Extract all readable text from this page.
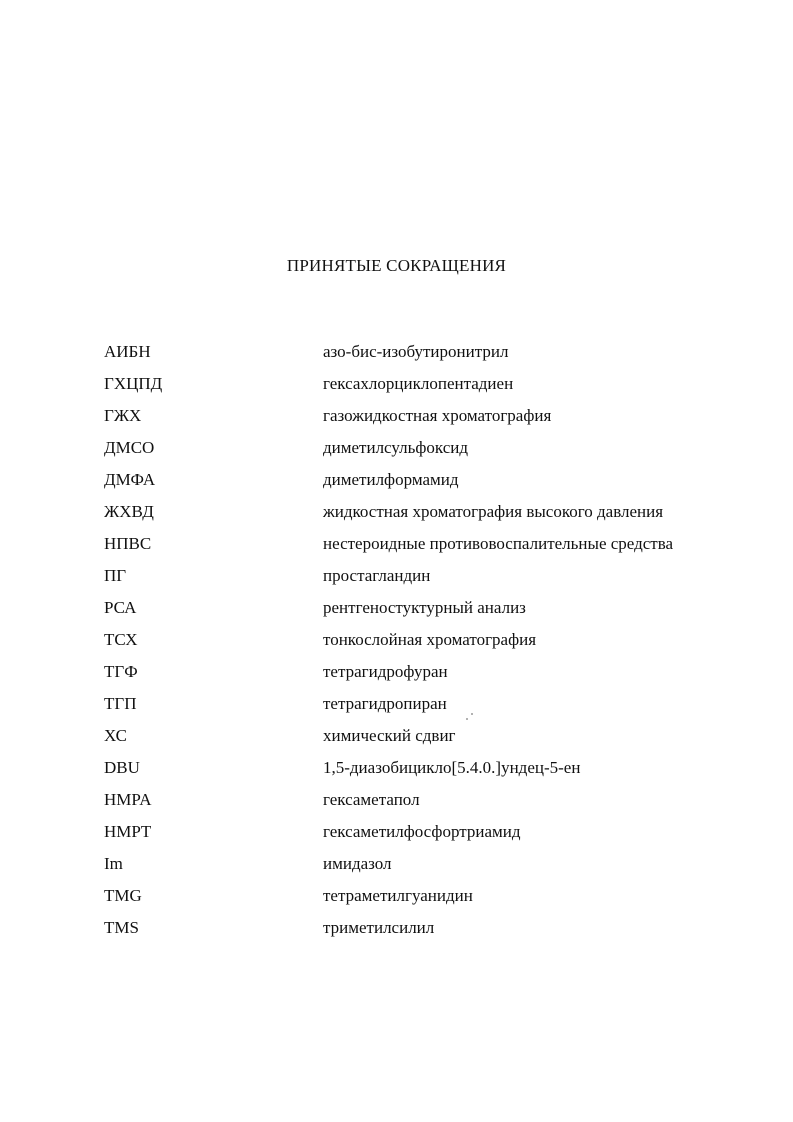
ПРИНЯТЫЕ СОКРАЩЕНИЯ
АИБН	азо-бис-изобутиронитрил
ГХЦПД	гексахлорциклопентадиен
ГЖХ	газожидкостная хроматография
ДМСО	диметилсульфоксид
ДМФА	диметилформамид
ЖХВД	жидкостная хроматография высокого давления
НПВС	нестероидные противовоспалительные средства
ПГ	простагландин
РСА	рентгеностуктурный анализ
ТСХ	тонкослойная хроматография
ТГФ	тетрагидрофуран
ТГП	тетрагидропиран
ХС	химический сдвиг
DBU	1,5-диазобицикло[5.4.0.]ундец-5-ен
HMPA	гексаметапол
HMPT	гексаметилфосфортриамид
Im	имидазол
TMG	тетраметилгуанидин
TMS	триметилсилил
